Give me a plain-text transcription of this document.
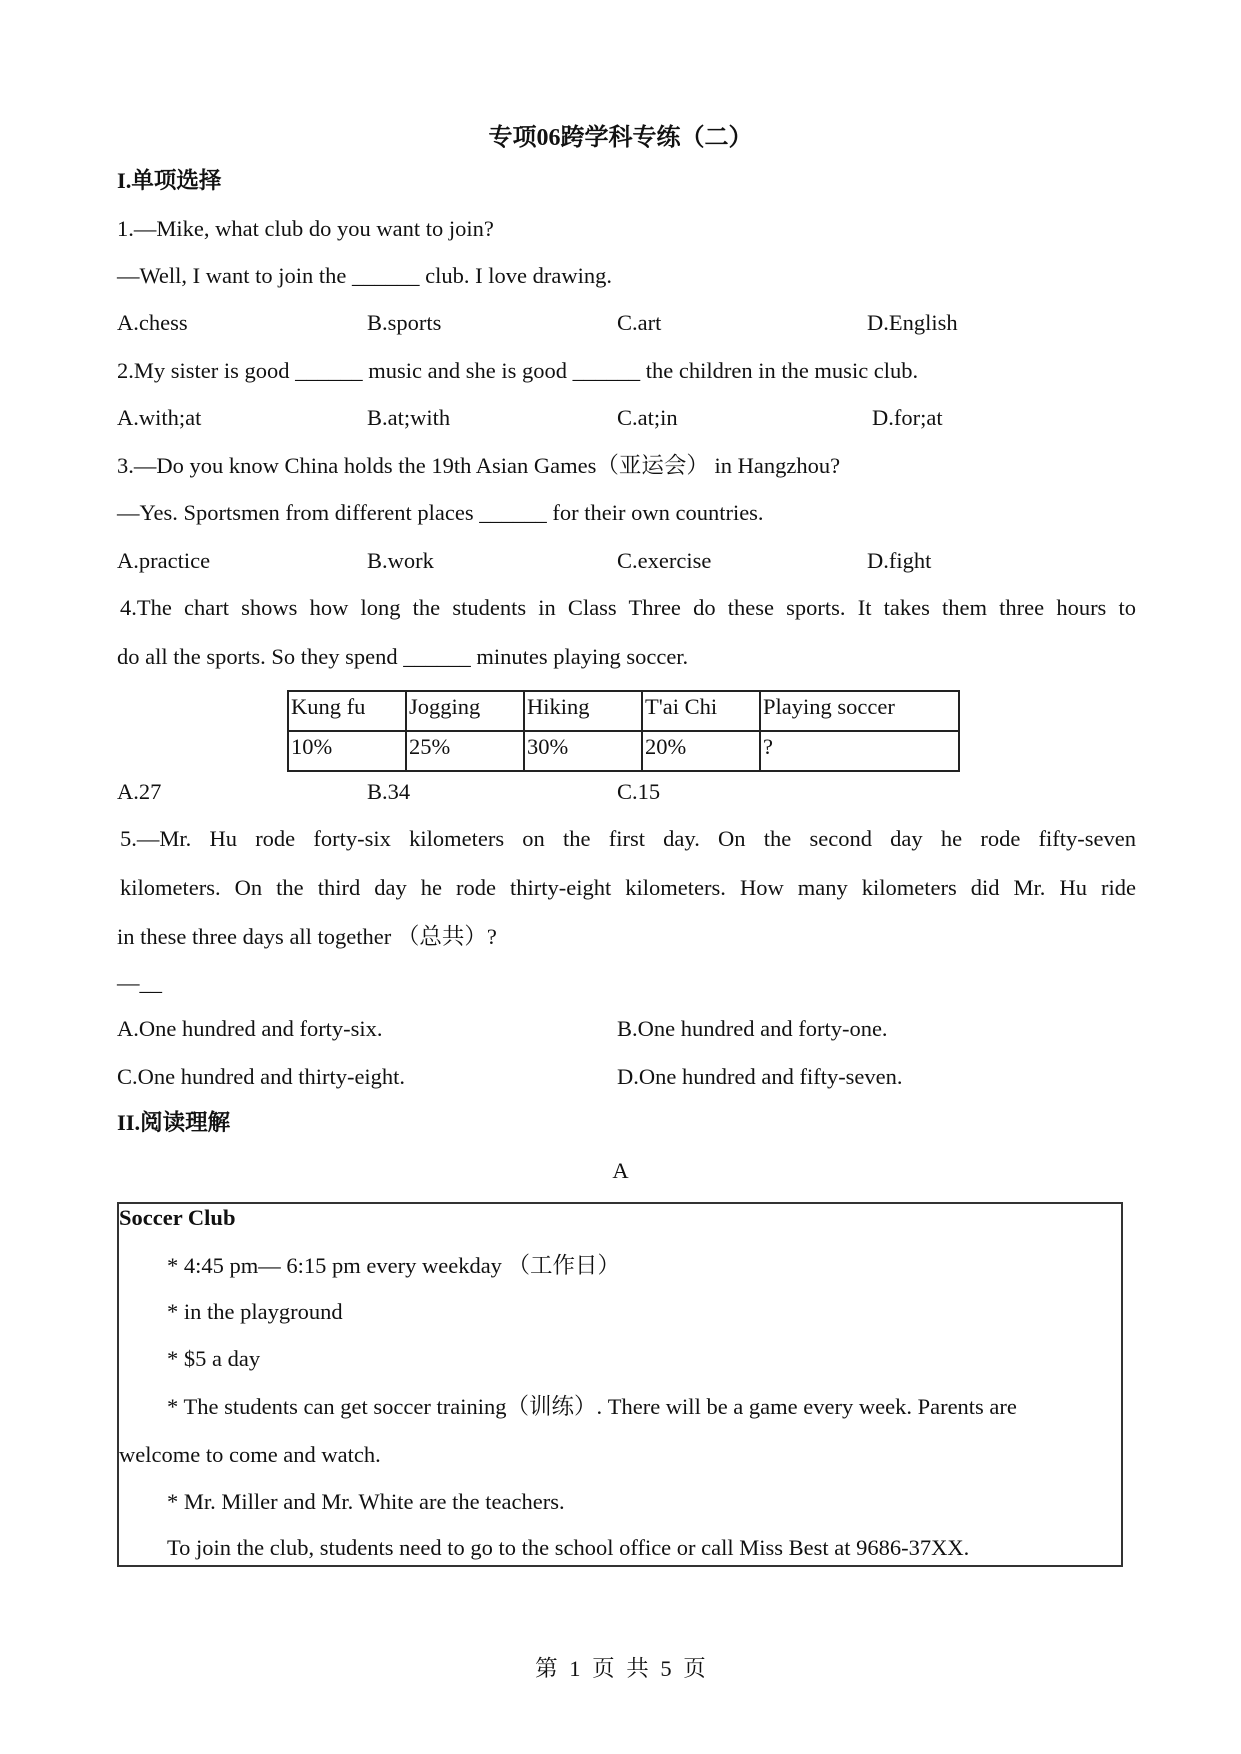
专项06跨学科专练（二）
I.单项选择
1.—Mike, what club do you want to join?
—Well, I want to join the ______ club. I love drawing.
A.chess	B.sports	C.art	D.English
2.My sister is good ______ music and she is good ______ the children in the music club.
A.with;at	B.at;with	C.at;in	D.for;at
3.—Do you know China holds the 19th Asian Games（亚运会） in Hangzhou?
—Yes. Sportsmen from different places ______ for their own countries.
A.practice	B.work	C.exercise	D.fight
4.The chart shows how long the students in Class Three do these sports. It takes them three hours to
do all the sports. So they spend ______ minutes playing soccer.
Kung fu	Jogging	Hiking	T'ai Chi	Playing soccer
10%	25%	30%	20%	?
A.27	B.34	C.15
5.—Mr. Hu rode forty-six kilometers on the first day. On the second day he rode fifty-seven
kilometers. On the third day he rode thirty-eight kilometers. How many kilometers did Mr. Hu ride
in these three days all together （总共）?
—__
A.One hundred and forty-six.	B.One hundred and forty-one.
C.One hundred and thirty-eight.	D.One hundred and fifty-seven.
II.阅读理解
A
Soccer Club
* 4:45 pm— 6:15 pm every weekday （工作日）
* in the playground
* $5 a day
* The students can get soccer training（训练）. There will be a game every week. Parents are
welcome to come and watch.
* Mr. Miller and Mr. White are the teachers.
To join the club, students need to go to the school office or call Miss Best at 9686-37XX.
第 1 页 共 5 页
